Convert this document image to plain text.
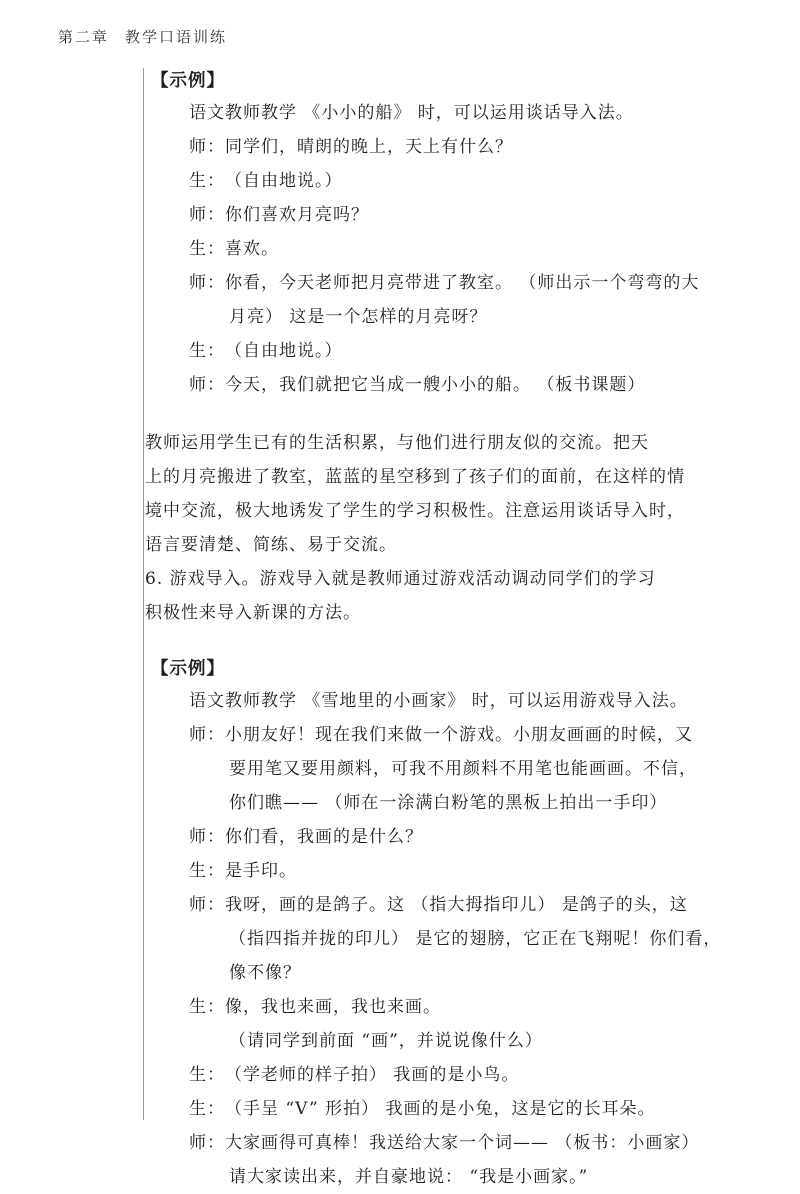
第二章 教学口语训练
【示例】
语文教师教学 《小小的船》 时，可以运用谈话导入法。
师： 同学们，晴朗的晚上，天上有什么？
生： （自由地说。）
师： 你们喜欢月亮吗？
生： 喜欢。
师： 你看，今天老师把月亮带进了教室。 （师出示一个弯弯的大
月亮） 这是一个怎样的月亮呀？
生： （自由地说。）
师： 今天，我们就把它当成一艘小小的船。 （板书课题）
教师运用学生已有的生活积累，与他们进行朋友似的交流。把天
上的月亮搬进了教室，蓝蓝的星空移到了孩子们的面前，在这样的情
境中交流，极大地诱发了学生的学习积极性。注意运用谈话导入时，
语言要清楚、简练、易于交流。
6. 游戏导入。游戏导入就是教师通过游戏活动调动同学们的学习
积极性来导入新课的方法。
【示例】
语文教师教学 《雪地里的小画家》 时，可以运用游戏导入法。
师： 小朋友好！现在我们来做一个游戏。小朋友画画的时候，又
要用笔又要用颜料，可我不用颜料不用笔也能画画。不信，
你们瞧—— （师在一涂满白粉笔的黑板上拍出一手印）
师： 你们看，我画的是什么？
生： 是手印。
师： 我呀，画的是鸽子。这 （指大拇指印儿） 是鸽子的头，这
（指四指并拢的印儿） 是它的翅膀，它正在飞翔呢！你们看，
像不像？
生： 像，我也来画，我也来画。
（请同学到前面 “画”，并说说像什么）
生： （学老师的样子拍） 我画的是小鸟。
生： （手呈 “V” 形拍） 我画的是小兔，这是它的长耳朵。
师： 大家画得可真棒！我送给大家一个词—— （板书：小画家）
请大家读出来，并自豪地说： “我是小画家。”
